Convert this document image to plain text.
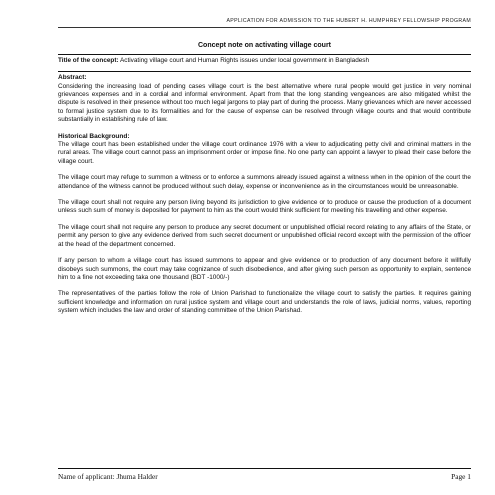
APPLICATION FOR ADMISSION TO THE HUBERT H. HUMPHREY FELLOWSHIP PROGRAM
Concept note on activating village court

Title of the concept: Activating village court and Human Rights issues under local government in Bangladesh

Abstract:

Considering the increasing load of pending cases village court is the best alternative where rural people would get justice in very nominal grievances expenses and in a cordial and informal environment. Apart from that the long standing vengeances are also mitigated whilst the dispute is resolved in their presence without too much legal jargons to play part of during the process. Many grievances which are never accessed to formal justice system due to its formalities and for the cause of expense can be resolved through village courts and that would contribute substantially in establishing rule of law.

Historical Background:

The village court has been established under the village court ordinance 1976 with a view to adjudicating petty civil and criminal matters in the rural areas. The village court cannot pass an imprisonment order or impose fine. No one party can appoint a lawyer to plead their case before the village court.

The village court may refuge to summon a witness or to enforce a summons already issued against a witness when in the opinion of the court the attendance of the witness cannot be produced without such delay, expense or inconvenience as in the circumstances would be unreasonable.

The village court shall not require any person living beyond its jurisdiction to give evidence or to produce or cause the production of a document unless such sum of money is deposited for payment to him as the court would think sufficient for meeting his travelling and other expense.

The village court shall not require any person to produce any secret document or unpublished official record relating to any affairs of the State, or permit any person to give any evidence derived from such secret document or unpublished official record except with the permission of the officer at the head of the department concerned.

If any person to whom a village court has issued summons to appear and give evidence or to production of any document before it willfully disobeys such summons, the court may take cognizance of such disobedience, and after giving such person as opportunity to explain, sentence him to a fine not exceeding taka one thousand (BDT -1000/-)

The representatives of the parties follow the role of Union Parishad to functionalize the village court to satisfy the parties. It requires gaining sufficient knowledge and information on rural justice system and village court and understands the role of laws, judicial norms, values, reporting system which includes the law and order of standing committee of the Union Parishad.

Name of applicant: Jhuma Halder	Page 1
